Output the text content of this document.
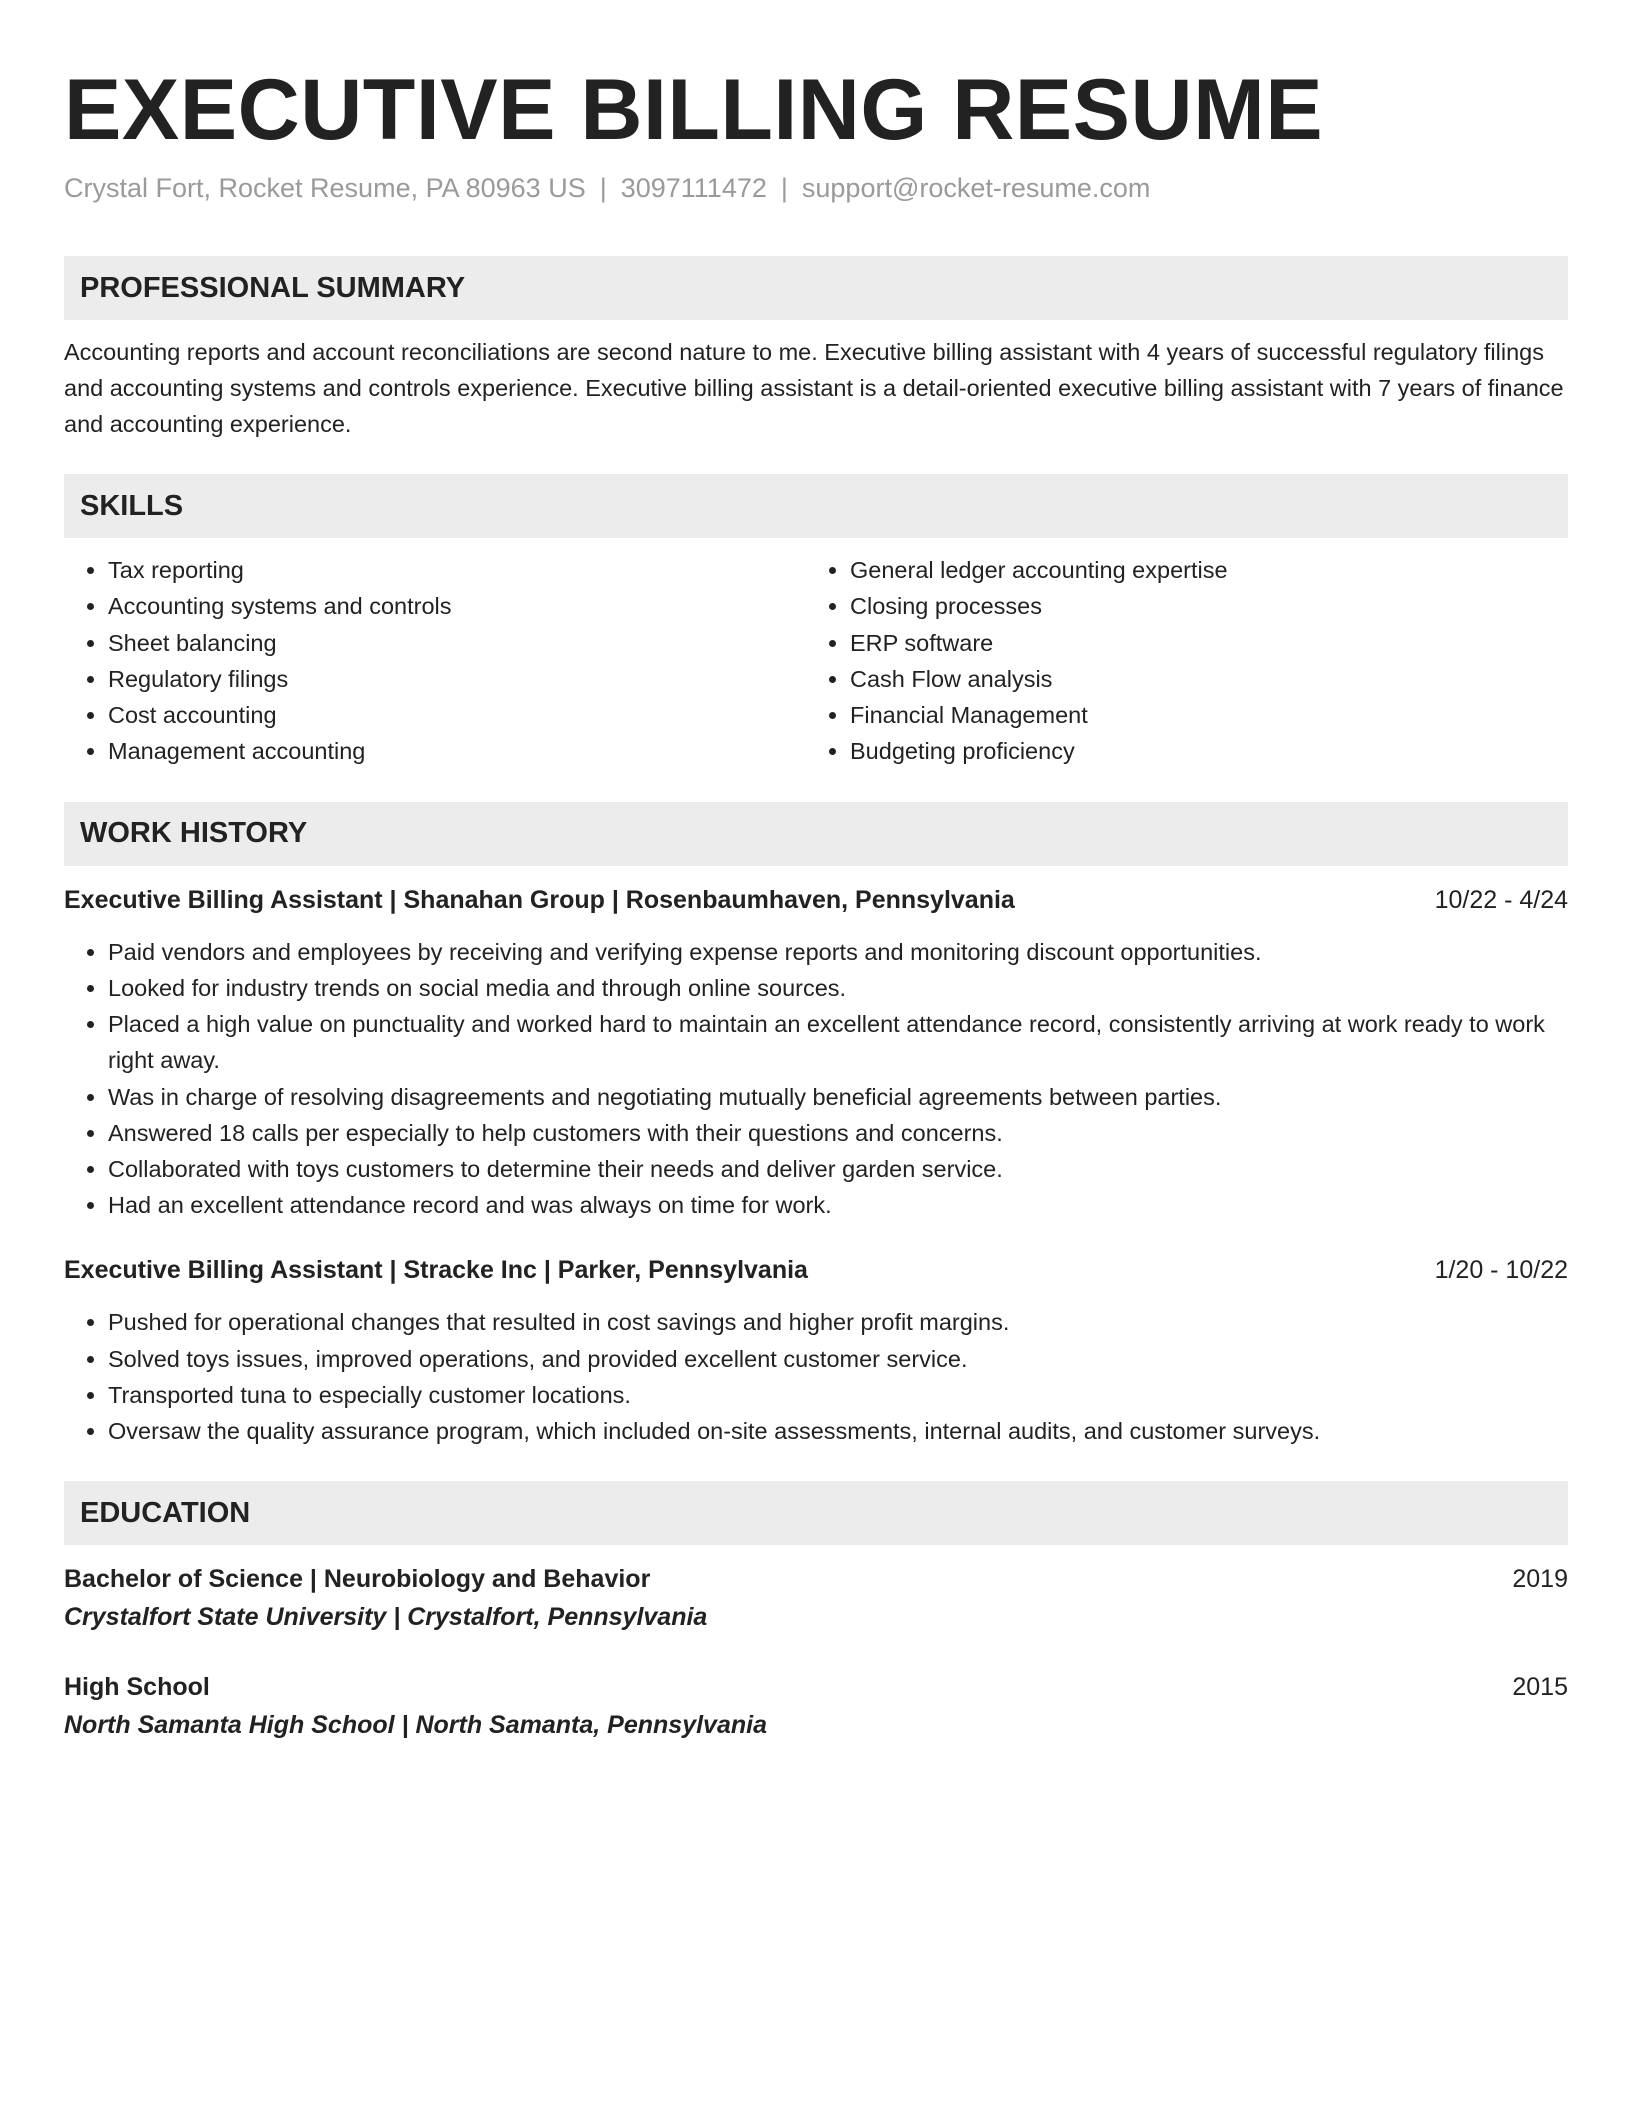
EXECUTIVE BILLING RESUME
Crystal Fort, Rocket Resume, PA 80963 US | 3097111472 | support@rocket-resume.com
PROFESSIONAL SUMMARY
Accounting reports and account reconciliations are second nature to me. Executive billing assistant with 4 years of successful regulatory filings and accounting systems and controls experience. Executive billing assistant is a detail-oriented executive billing assistant with 7 years of finance and accounting experience.
SKILLS
• Tax reporting
• Accounting systems and controls
• Sheet balancing
• Regulatory filings
• Cost accounting
• Management accounting
• General ledger accounting expertise
• Closing processes
• ERP software
• Cash Flow analysis
• Financial Management
• Budgeting proficiency
WORK HISTORY
Executive Billing Assistant | Shanahan Group | Rosenbaumhaven, Pennsylvania	10/22 - 4/24
• Paid vendors and employees by receiving and verifying expense reports and monitoring discount opportunities.
• Looked for industry trends on social media and through online sources.
• Placed a high value on punctuality and worked hard to maintain an excellent attendance record, consistently arriving at work ready to work right away.
• Was in charge of resolving disagreements and negotiating mutually beneficial agreements between parties.
• Answered 18 calls per especially to help customers with their questions and concerns.
• Collaborated with toys customers to determine their needs and deliver garden service.
• Had an excellent attendance record and was always on time for work.
Executive Billing Assistant | Stracke Inc | Parker, Pennsylvania	1/20 - 10/22
• Pushed for operational changes that resulted in cost savings and higher profit margins.
• Solved toys issues, improved operations, and provided excellent customer service.
• Transported tuna to especially customer locations.
• Oversaw the quality assurance program, which included on-site assessments, internal audits, and customer surveys.
EDUCATION
Bachelor of Science | Neurobiology and Behavior	2019
Crystalfort State University | Crystalfort, Pennsylvania
High School	2015
North Samanta High School | North Samanta, Pennsylvania
